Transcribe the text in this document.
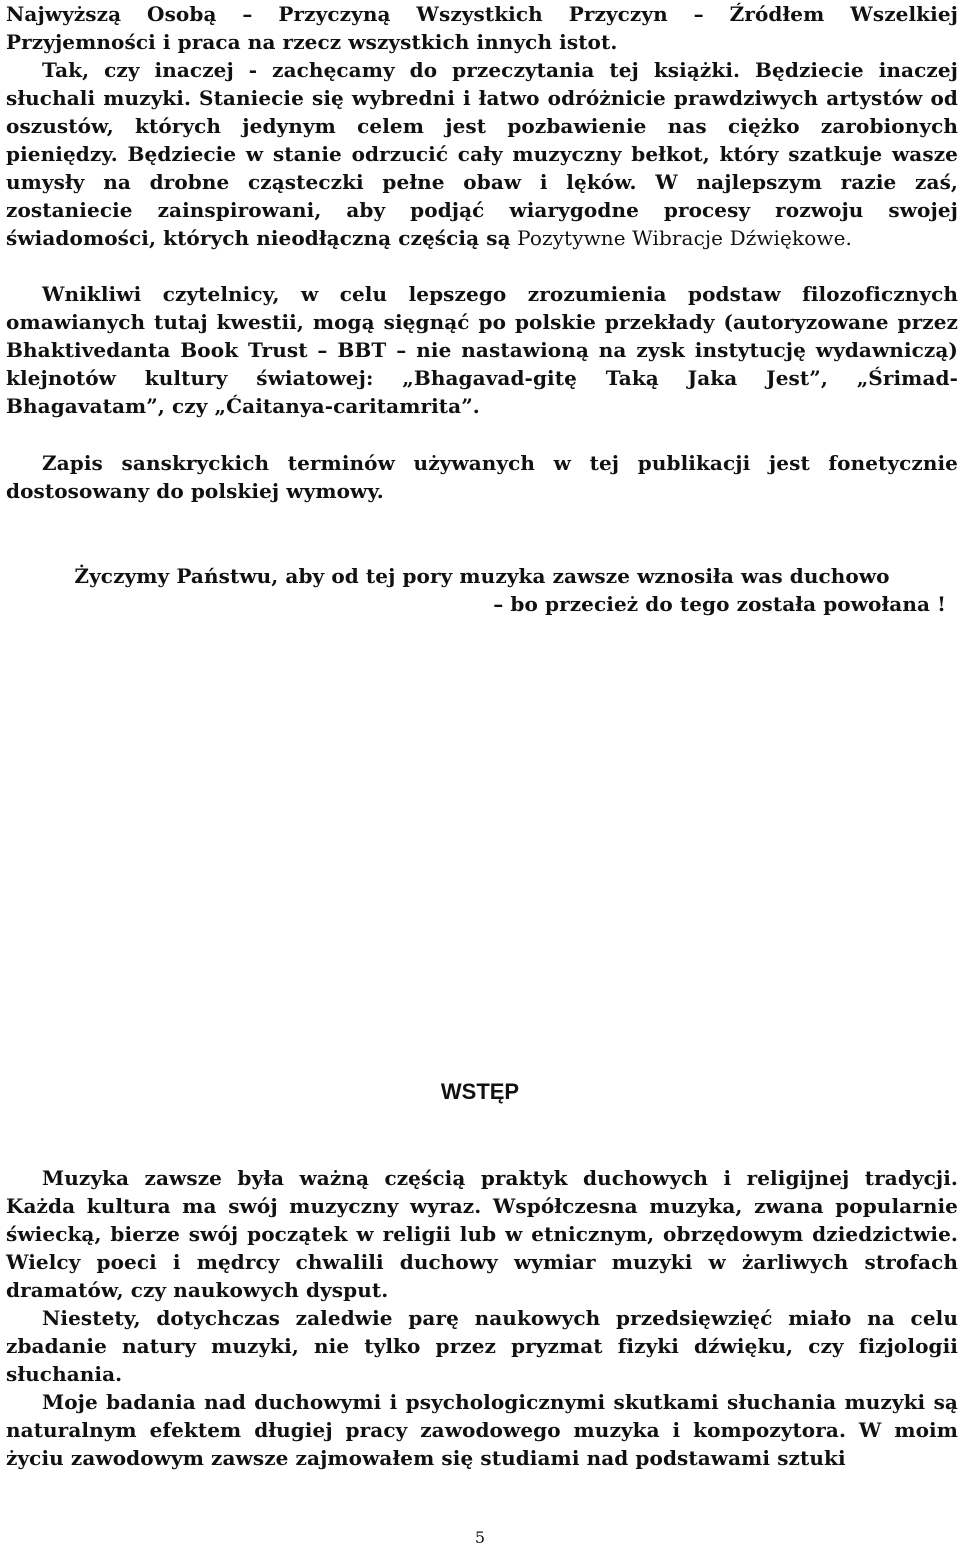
Najwyższą Osobą – Przyczyną Wszystkich Przyczyn – Źródłem Wszelkiej Przyjemności i praca na rzecz wszystkich innych istot.

Tak, czy inaczej - zachęcamy do przeczytania tej książki. Będziecie inaczej słuchali muzyki. Staniecie się wybredni i łatwo odróżnicie prawdziwych artystów od oszustów, których jedynym celem jest pozbawienie nas ciężko zarobionych pieniędzy. Będziecie w stanie odrzucić cały muzyczny bełkot, który szatkuje wasze umysły na drobne cząsteczki pełne obaw i lęków. W najlepszym razie zaś, zostaniecie zainspirowani, aby podjąć wiarygodne procesy rozwoju swojej świadomości, których nieodłączną częścią są Pozytywne Wibracje Dźwiękowe.

Wnikliwi czytelnicy, w celu lepszego zrozumienia podstaw filozoficznych omawianych tutaj kwestii, mogą sięgnąć po polskie przekłady (autoryzowane przez Bhaktivedanta Book Trust – BBT – nie nastawioną na zysk instytucję wydawniczą) klejnotów kultury światowej: „Bhagavad-gitę Taką Jaka Jest”, „Śrimad-Bhagavatam”, czy „Ćaitanya-caritamrita”.

Zapis sanskryckich terminów używanych w tej publikacji jest fonetycznie dostosowany do polskiej wymowy.

Życzymy Państwu, aby od tej pory muzyka zawsze wznosiła was duchowo

– bo przecież do tego została powołana !

WSTĘP

Muzyka zawsze była ważną częścią praktyk duchowych i religijnej tradycji. Każda kultura ma swój muzyczny wyraz. Współczesna muzyka, zwana popularnie świecką, bierze swój początek w religii lub w etnicznym, obrzędowym dziedzictwie. Wielcy poeci i mędrcy chwalili duchowy wymiar muzyki w żarliwych strofach dramatów, czy naukowych dysput.

Niestety, dotychczas zaledwie parę naukowych przedsięwzięć miało na celu zbadanie natury muzyki, nie tylko przez pryzmat fizyki dźwięku, czy fizjologii słuchania.

Moje badania nad duchowymi i psychologicznymi skutkami słuchania muzyki są naturalnym efektem długiej pracy zawodowego muzyka i kompozytora. W moim życiu zawodowym zawsze zajmowałem się studiami nad podstawami sztuki

5
